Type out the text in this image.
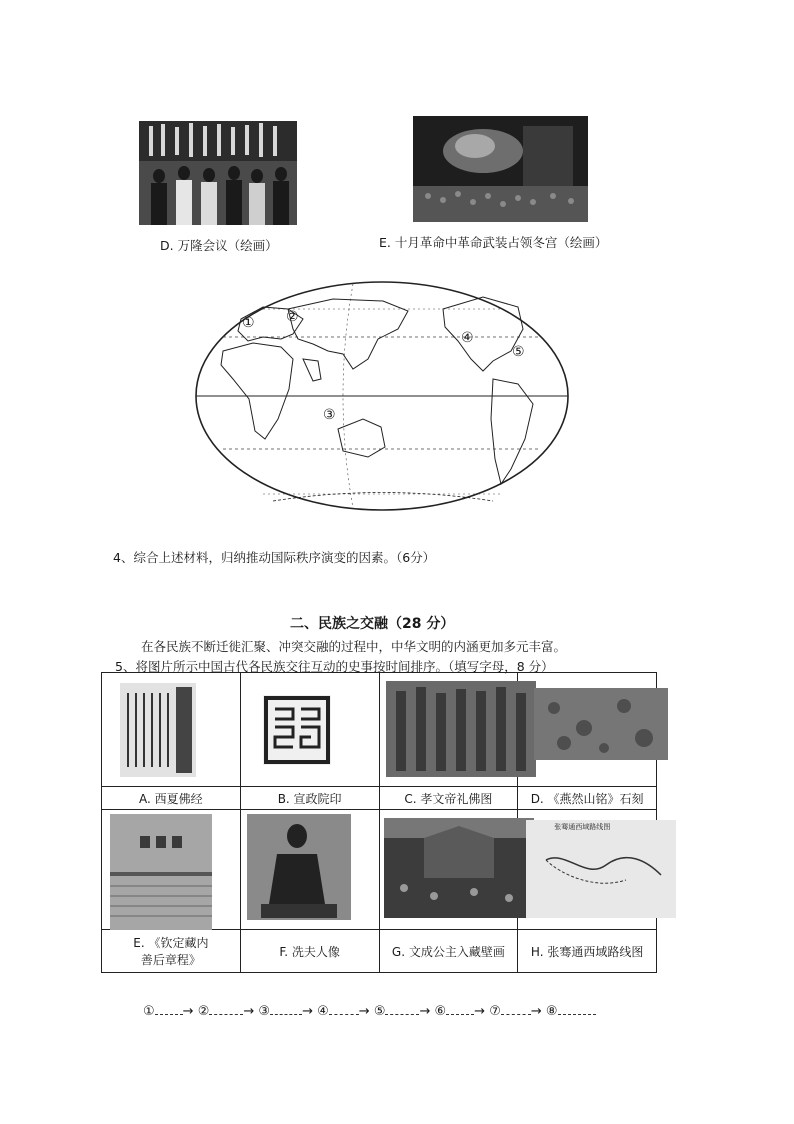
D. 万隆会议（绘画）	E. 十月革命中革命武装占领冬宫（绘画）
① ②
③
④
⑤
4、综合上述材料，归纳推动国际秩序演变的因素。（6分）
二、民族之交融（28 分）
在各民族不断迁徙汇聚、冲突交融的过程中，中华文明的内涵更加多元丰富。
5、将图片所示中国古代各民族交往互动的史事按时间排序。（填写字母，8 分）

A. 西夏佛经	B. 宣政院印	C. 孝文帝礼佛图	D. 《燕然山铭》石刻

张骞通西域路线图

E. 《钦定藏内
善后章程》	F. 冼夫人像	G. 文成公主入藏壁画	H. 张骞通西域路线图
① → ②	→ ③ → ④ → ⑤	→ ⑥ → ⑦ → ⑧
